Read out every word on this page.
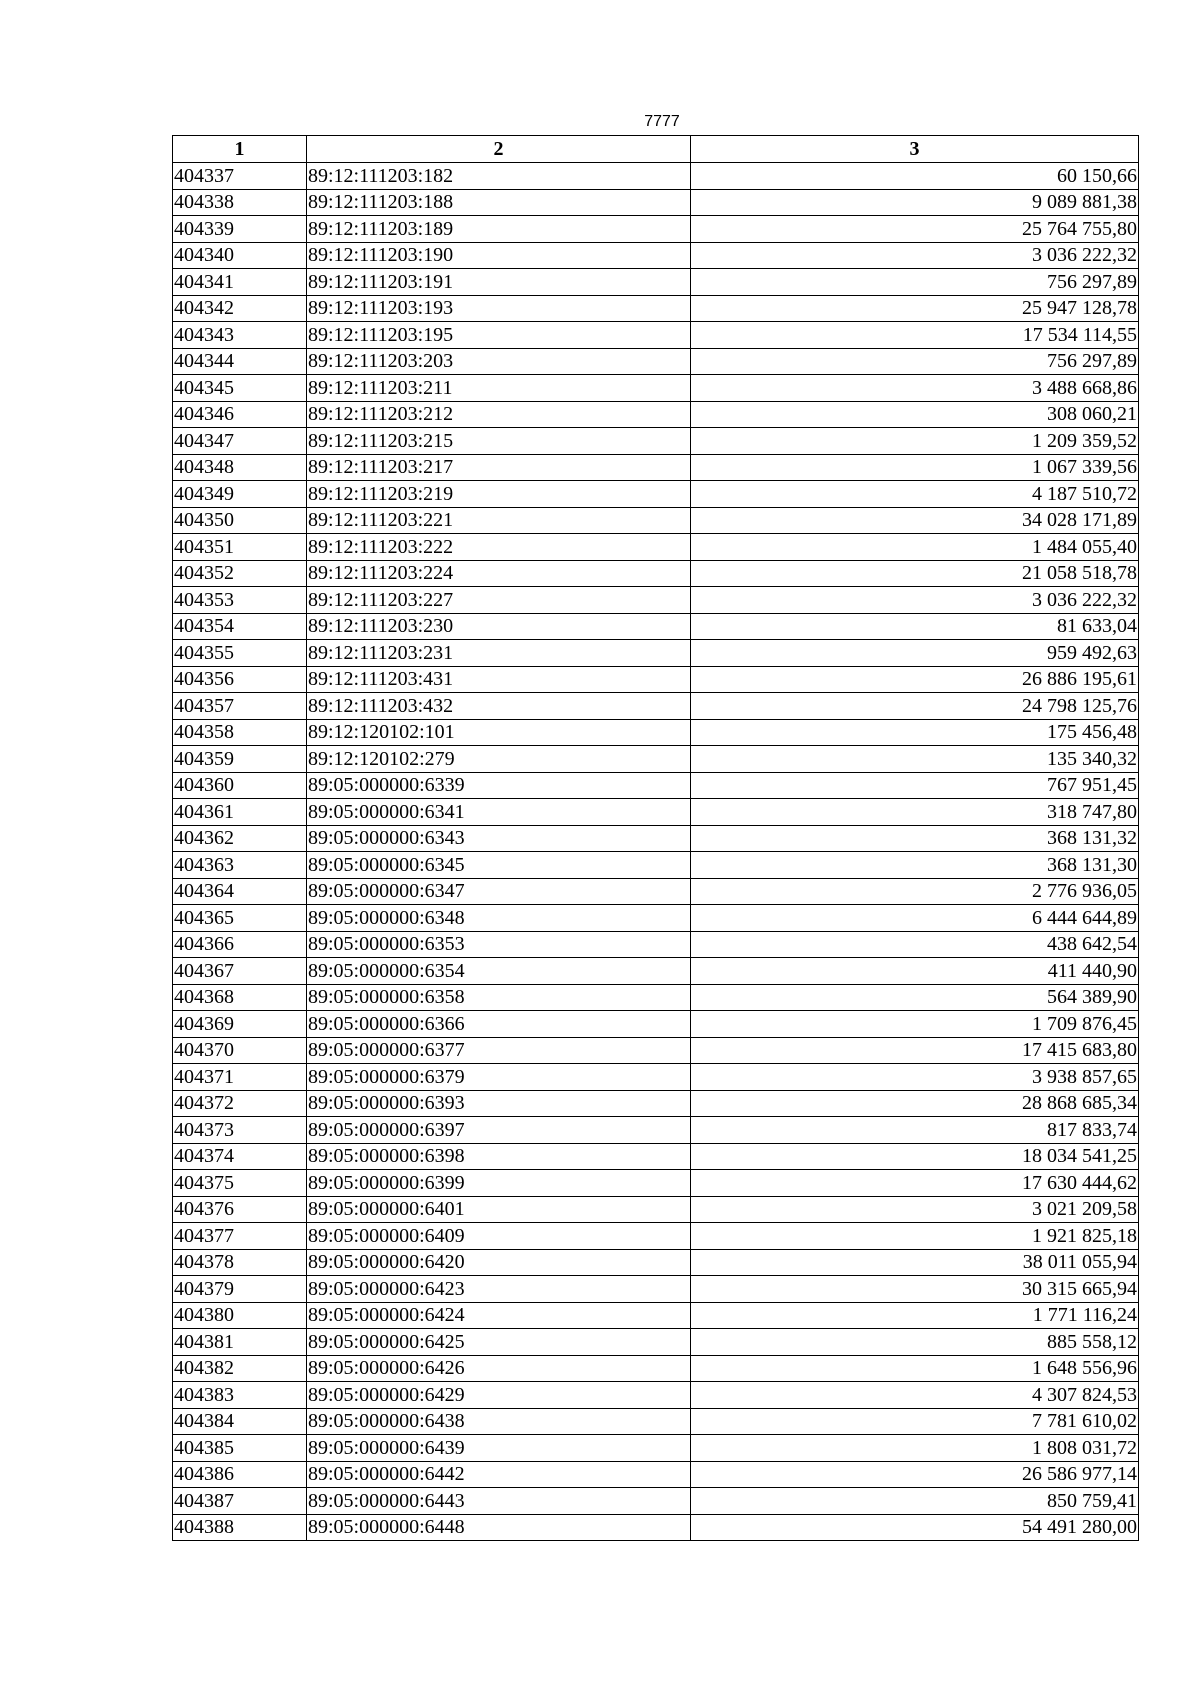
7777
1	2	3
404337	89:12:111203:182	60 150,66
404338	89:12:111203:188	9 089 881,38
404339	89:12:111203:189	25 764 755,80
404340	89:12:111203:190	3 036 222,32
404341	89:12:111203:191	756 297,89
404342	89:12:111203:193	25 947 128,78
404343	89:12:111203:195	17 534 114,55
404344	89:12:111203:203	756 297,89
404345	89:12:111203:211	3 488 668,86
404346	89:12:111203:212	308 060,21
404347	89:12:111203:215	1 209 359,52
404348	89:12:111203:217	1 067 339,56
404349	89:12:111203:219	4 187 510,72
404350	89:12:111203:221	34 028 171,89
404351	89:12:111203:222	1 484 055,40
404352	89:12:111203:224	21 058 518,78
404353	89:12:111203:227	3 036 222,32
404354	89:12:111203:230	81 633,04
404355	89:12:111203:231	959 492,63
404356	89:12:111203:431	26 886 195,61
404357	89:12:111203:432	24 798 125,76
404358	89:12:120102:101	175 456,48
404359	89:12:120102:279	135 340,32
404360	89:05:000000:6339	767 951,45
404361	89:05:000000:6341	318 747,80
404362	89:05:000000:6343	368 131,32
404363	89:05:000000:6345	368 131,30
404364	89:05:000000:6347	2 776 936,05
404365	89:05:000000:6348	6 444 644,89
404366	89:05:000000:6353	438 642,54
404367	89:05:000000:6354	411 440,90
404368	89:05:000000:6358	564 389,90
404369	89:05:000000:6366	1 709 876,45
404370	89:05:000000:6377	17 415 683,80
404371	89:05:000000:6379	3 938 857,65
404372	89:05:000000:6393	28 868 685,34
404373	89:05:000000:6397	817 833,74
404374	89:05:000000:6398	18 034 541,25
404375	89:05:000000:6399	17 630 444,62
404376	89:05:000000:6401	3 021 209,58
404377	89:05:000000:6409	1 921 825,18
404378	89:05:000000:6420	38 011 055,94
404379	89:05:000000:6423	30 315 665,94
404380	89:05:000000:6424	1 771 116,24
404381	89:05:000000:6425	885 558,12
404382	89:05:000000:6426	1 648 556,96
404383	89:05:000000:6429	4 307 824,53
404384	89:05:000000:6438	7 781 610,02
404385	89:05:000000:6439	1 808 031,72
404386	89:05:000000:6442	26 586 977,14
404387	89:05:000000:6443	850 759,41
404388	89:05:000000:6448	54 491 280,00
